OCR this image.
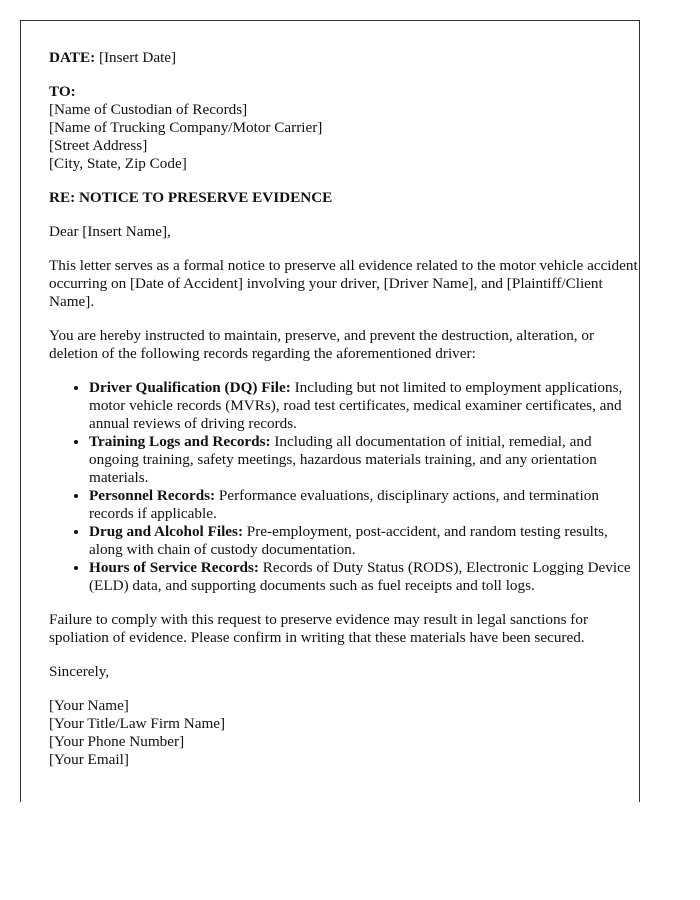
DATE: [Insert Date]

TO:
[Name of Custodian of Records]
[Name of Trucking Company/Motor Carrier]
[Street Address]
[City, State, Zip Code]

RE: NOTICE TO PRESERVE EVIDENCE

Dear [Insert Name],

This letter serves as a formal notice to preserve all evidence related to the motor vehicle accident occurring on [Date of Accident] involving your driver, [Driver Name], and [Plaintiff/Client Name].

You are hereby instructed to maintain, preserve, and prevent the destruction, alteration, or deletion of the following records regarding the aforementioned driver:

• Driver Qualification (DQ) File: Including but not limited to employment applications, motor vehicle records (MVRs), road test certificates, medical examiner certificates, and annual reviews of driving records.
• Training Logs and Records: Including all documentation of initial, remedial, and ongoing training, safety meetings, hazardous materials training, and any orientation materials.
• Personnel Records: Performance evaluations, disciplinary actions, and termination records if applicable.
• Drug and Alcohol Files: Pre-employment, post-accident, and random testing results, along with chain of custody documentation.
• Hours of Service Records: Records of Duty Status (RODS), Electronic Logging Device (ELD) data, and supporting documents such as fuel receipts and toll logs.

Failure to comply with this request to preserve evidence may result in legal sanctions for spoliation of evidence. Please confirm in writing that these materials have been secured.

Sincerely,

[Your Name]
[Your Title/Law Firm Name]
[Your Phone Number]
[Your Email]
